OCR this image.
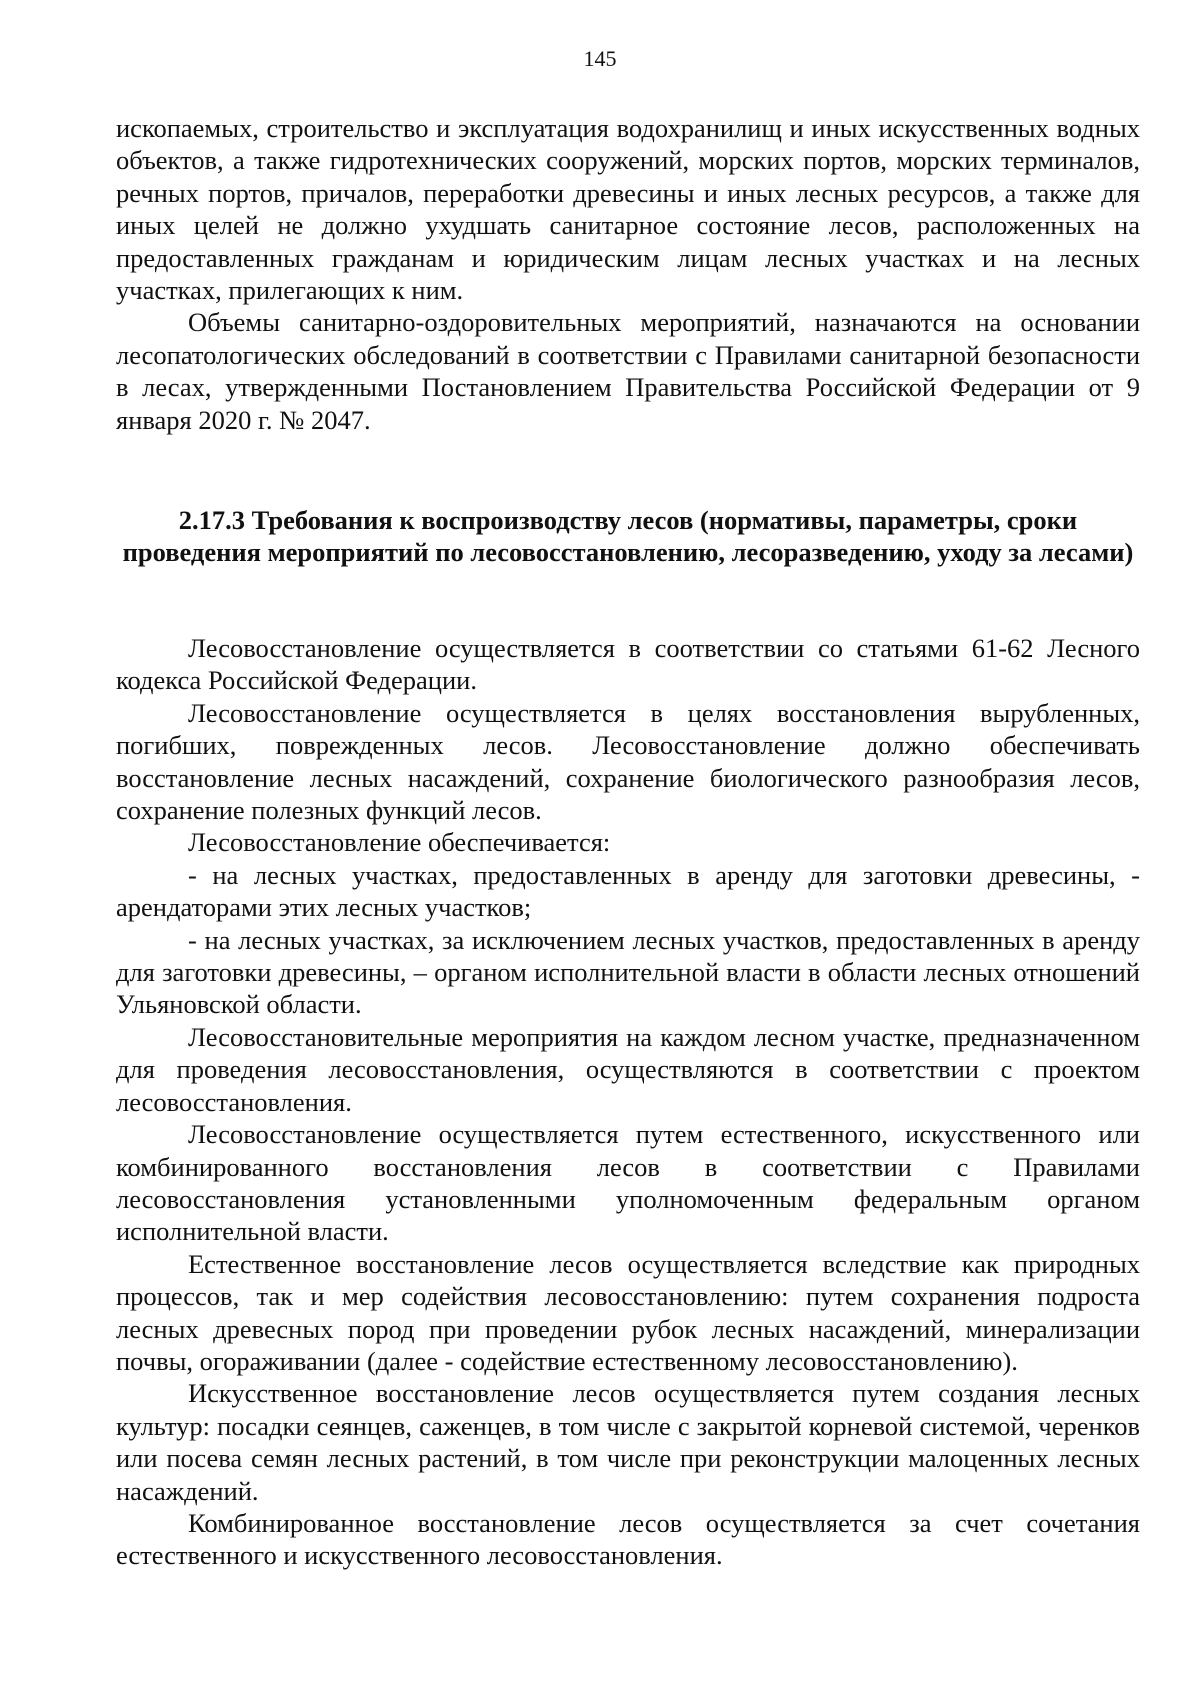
145

ископаемых, строительство и эксплуатация водохранилищ и иных искусственных водных объектов, а также гидротехнических сооружений, морских портов, морских терминалов, речных портов, причалов, переработки древесины и иных лесных ресурсов, а также для иных целей не должно ухудшать санитарное состояние лесов, расположенных на предоставленных гражданам и юридическим лицам лесных участках и на лесных участках, прилегающих к ним.

Объемы санитарно-оздоровительных мероприятий, назначаются на основании лесопатологических обследований в соответствии с Правилами санитарной безопасности в лесах, утвержденными Постановлением Правительства Российской Федерации от 9 января 2020 г. № 2047.

2.17.3 Требования к воспроизводству лесов (нормативы, параметры, сроки проведения мероприятий по лесовосстановлению, лесоразведению, уходу за лесами)

Лесовосстановление осуществляется в соответствии со статьями 61-62 Лесного кодекса Российской Федерации.

Лесовосстановление осуществляется в целях восстановления вырубленных, погибших, поврежденных лесов. Лесовосстановление должно обеспечивать восстановление лесных насаждений, сохранение биологического разнообразия лесов, сохранение полезных функций лесов.

Лесовосстановление обеспечивается:

- на лесных участках, предоставленных в аренду для заготовки древесины, - арендаторами этих лесных участков;

- на лесных участках, за исключением лесных участков, предоставленных в аренду для заготовки древесины, – органом исполнительной власти в области лесных отношений Ульяновской области.

Лесовосстановительные мероприятия на каждом лесном участке, предназначенном для проведения лесовосстановления, осуществляются в соответствии с проектом лесовосстановления.

Лесовосстановление осуществляется путем естественного, искусственного или комбинированного восстановления лесов в соответствии с Правилами лесовосстановления установленными уполномоченным федеральным органом исполнительной власти.

Естественное восстановление лесов осуществляется вследствие как природных процессов, так и мер содействия лесовосстановлению: путем сохранения подроста лесных древесных пород при проведении рубок лесных насаждений, минерализации почвы, огораживании (далее - содействие естественному лесовосстановлению).

Искусственное восстановление лесов осуществляется путем создания лесных культур: посадки сеянцев, саженцев, в том числе с закрытой корневой системой, черенков или посева семян лесных растений, в том числе при реконструкции малоценных лесных насаждений.

Комбинированное восстановление лесов осуществляется за счет сочетания естественного и искусственного лесовосстановления.
